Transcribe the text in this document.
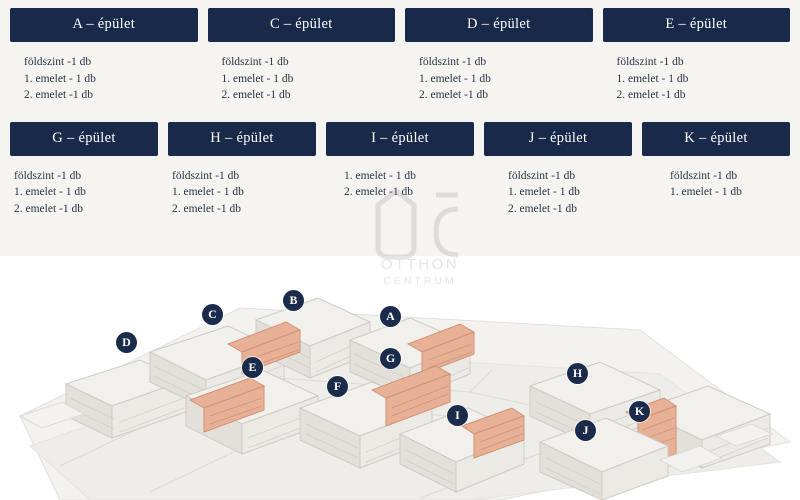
A – épület
földszint -1 db
1. emelet - 1 db
2. emelet -1 db
C – épület
földszint -1 db
1. emelet - 1 db
2. emelet -1 db
D – épület
földszint -1 db
1. emelet - 1 db
2. emelet -1 db
E – épület
földszint -1 db
1. emelet - 1 db
2. emelet -1 db
G – épület
földszint -1 db
1. emelet - 1 db
2. emelet -1 db
H – épület
földszint -1 db
1. emelet - 1 db
2. emelet -1 db
I – épület
1. emelet - 1 db
2. emelet -1 db
J – épület
földszint -1 db
1. emelet - 1 db
2. emelet -1 db
K – épület
földszint -1 db
1. emelet - 1 db
OTTHON
CENTRUM
A
B
C
D
E
F
G
H
I
J
K
